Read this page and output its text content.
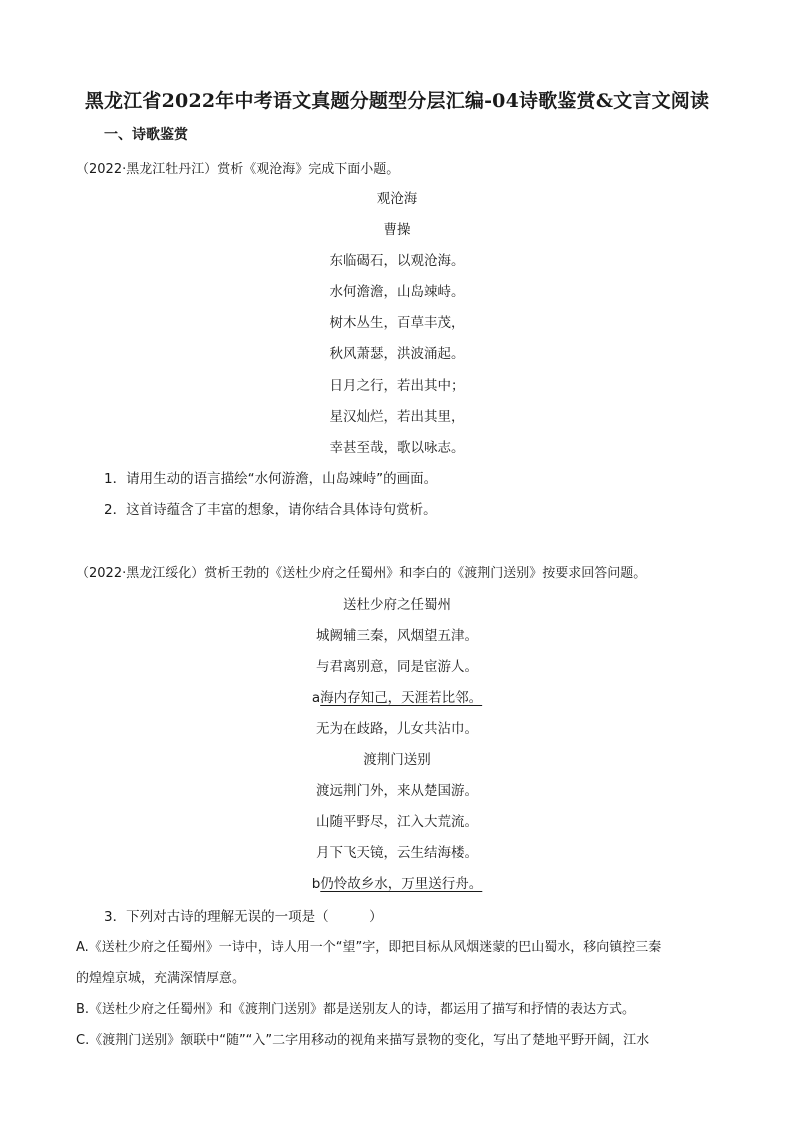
黑龙江省2022年中考语文真题分题型分层汇编-04诗歌鉴赏&文言文阅读
一、诗歌鉴赏
（2022·黑龙江牡丹江）赏析《观沧海》完成下面小题。
观沧海
曹操
东临碣石，以观沧海。
水何澹澹，山岛竦峙。
树木丛生，百草丰茂，
秋风萧瑟，洪波涌起。
日月之行，若出其中；
星汉灿烂，若出其里，
幸甚至哉，歌以咏志。
1．请用生动的语言描绘“水何游澹，山岛竦峙”的画面。
2．这首诗蕴含了丰富的想象，请你结合具体诗句赏析。
（2022·黑龙江绥化）赏析王勃的《送杜少府之任蜀州》和李白的《渡荆门送别》按要求回答问题。
送杜少府之任蜀州
城阙辅三秦，风烟望五津。
与君离别意，同是宦游人。
a海内存知己，天涯若比邻。
无为在歧路，儿女共沾巾。
渡荆门送别
渡远荆门外，来从楚国游。
山随平野尽，江入大荒流。
月下飞天镜，云生结海楼。
b仍怜故乡水，万里送行舟。
3．下列对古诗的理解无误的一项是（　　　）
A.《送杜少府之任蜀州》一诗中，诗人用一个“望”字，即把目标从风烟迷蒙的巴山蜀水，移向镇控三秦
的煌煌京城，充满深情厚意。
B.《送杜少府之任蜀州》和《渡荆门送别》都是送别友人的诗，都运用了描写和抒情的表达方式。
C.《渡荆门送别》颔联中“随”“入”二字用移动的视角来描写景物的变化，写出了楚地平野开阔，江水
